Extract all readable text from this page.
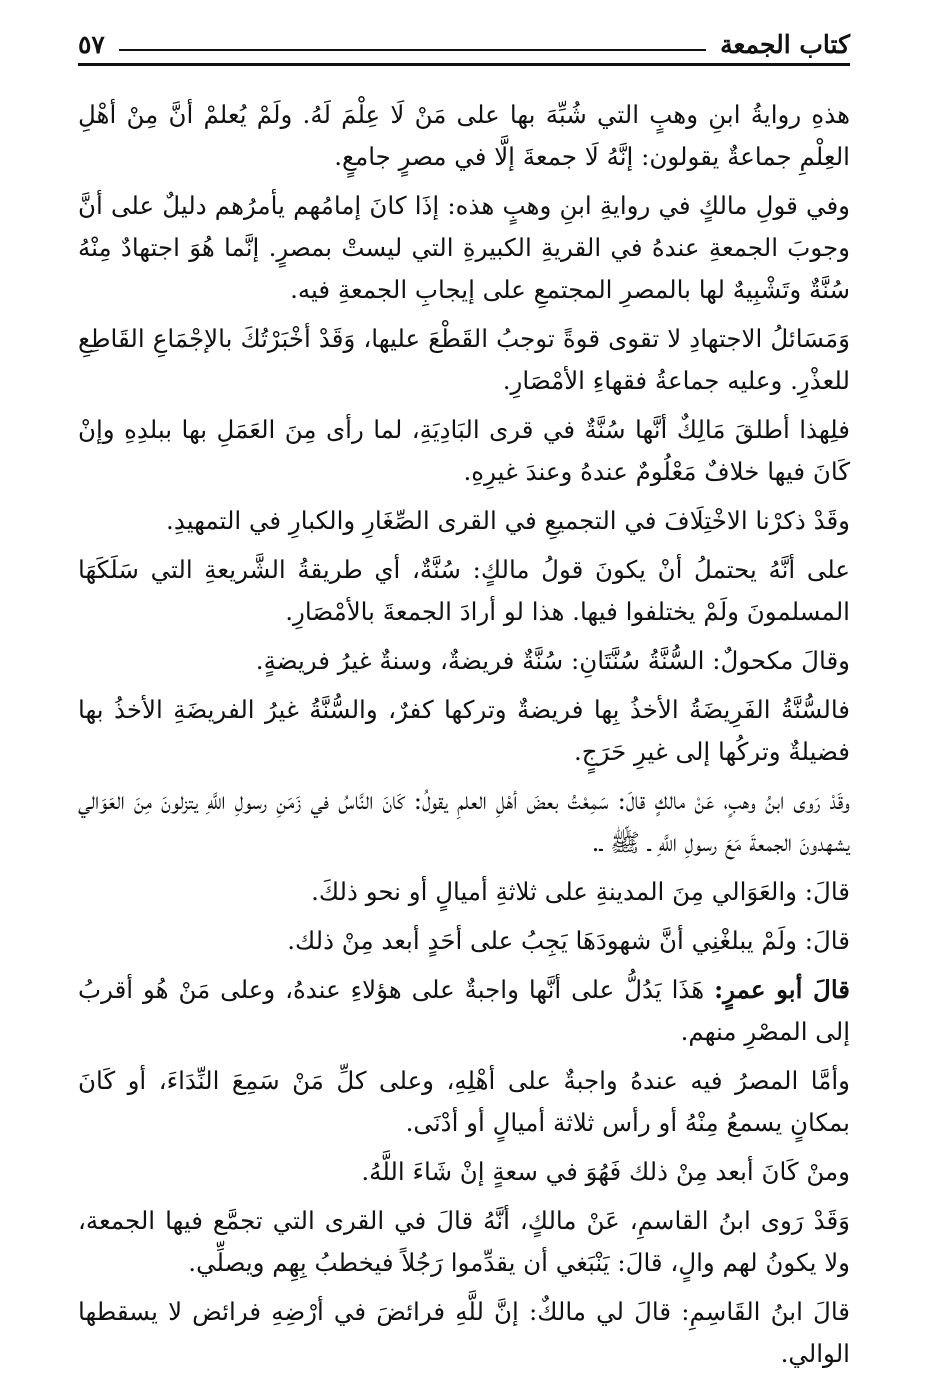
كتاب الجمعة
٥٧

هذهِ روايةُ ابنِ وهبٍ التي شُبِّهَ بها على مَنْ لَا عِلْمَ لَهُ. ولَمْ يُعلمْ أنَّ مِنْ أهْلِ العِلْمِ جماعةٌ يقولون: إنَّهُ لَا جمعةَ إلَّا في مصرٍ جامعٍ.

وفي قولِ مالكٍ في روايةِ ابنِ وهبٍ هذه: إذَا كانَ إمامُهم يأمرُهم دليلٌ على أنَّ وجوبَ الجمعةِ عندهُ في القريةِ الكبيرةِ التي ليستْ بمصرٍ. إنَّما هُوَ اجتهادٌ مِنْهُ سُنَّةٌ وتَشْبِيهٌ لها بالمصرِ المجتمعِ على إيجابِ الجمعةِ فيه.

وَمَسَائلُ الاجتهادِ لا تقوى قوةً توجبُ القَطْعَ عليها، وَقَدْ أخْبَرْتُكَ بالإجْمَاعِ القَاطِعِ للعذْرِ. وعليه جماعةُ فقهاءِ الأمْصَارِ.

فلِهذا أطلقَ مَالِكٌ أنَّها سُنَّةٌ في قرى البَادِيَةِ، لما رأى مِنَ العَمَلِ بها ببلدِهِ وإنْ كَانَ فيها خلافٌ مَعْلُومٌ عندهُ وعندَ غيرِهِ.

وقَدْ ذكرْنا الاخْتِلَافَ في التجميعِ في القرى الصِّغَارِ والكبارِ في التمهيدِ.

على أنَّهُ يحتملُ أنْ يكونَ قولُ مالكٍ: سُنَّةٌ، أي طريقةُ الشَّريعةِ التي سَلَكَهَا المسلمونَ ولَمْ يختلفوا فيها. هذا لو أرادَ الجمعةَ بالأمْصَارِ.

وقالَ مكحولٌ: السُّنَّةُ سُنَّتَانِ: سُنَّةٌ فريضةٌ، وسنةٌ غيرُ فريضةٍ.

فالسُّنَّةُ الفَرِيضَةُ الأخذُ بِها فريضةٌ وتركها كفرٌ، والسُّنَّةُ غيرُ الفريضَةِ الأخذُ بها فضيلةٌ وتركُها إلى غيرِ حَرَجٍ.

وقَدْ رَوى ابنُ وهبٍ، عَنْ مالكٍ قالَ: سَمِعْتُ بعضَ أهْلِ العلمِ يقولُ: كَانَ النَّاسُ في زَمَنِ رسولِ اللَّهِ يتزلونَ مِنَ العَوَالي يشهدونَ الجمعةَ مَعَ رسولِ اللَّهِ ـ ﷺ ـ.

قالَ: والعَوَالي مِنَ المدينةِ على ثلاثةِ أميالٍ أو نحو ذلكَ.

قالَ: ولَمْ يبلغْنِي أنَّ شهودَهَا يَجِبُ على أحَدٍ أبعد مِنْ ذلك.

قالَ أبو عمرٍ: هَذَا يَدُلُّ على أنَّها واجبةٌ على هؤلاءِ عندهُ، وعلى مَنْ هُو أقربُ إلى المصْرِ منهم.

وأمَّا المصرُ فيه عندهُ واجبةٌ على أهْلِهِ، وعلى كلِّ مَنْ سَمِعَ النِّدَاءَ، أو كَانَ بمكانٍ يسمعُ مِنْهُ أو رأس ثلاثة أميالٍ أو أدْنَى.

ومنْ كَانَ أبعد مِنْ ذلك فَهُوَ في سعةٍ إنْ شَاءَ اللَّهُ.

وَقَدْ رَوى ابنُ القاسمِ، عَنْ مالكٍ، أنَّهُ قالَ في القرى التي تجمَّع فيها الجمعة، ولا يكونُ لهم والٍ، قالَ: يَنْبَغي أن يقدِّموا رَجُلاً فيخطبُ بِهِم ويصلِّي.

قالَ ابنُ القَاسِمِ: قالَ لي مالكٌ: إنَّ للَّهِ فرائضَ في أرْضِهِ فرائض لا يسقطها الوالي.
